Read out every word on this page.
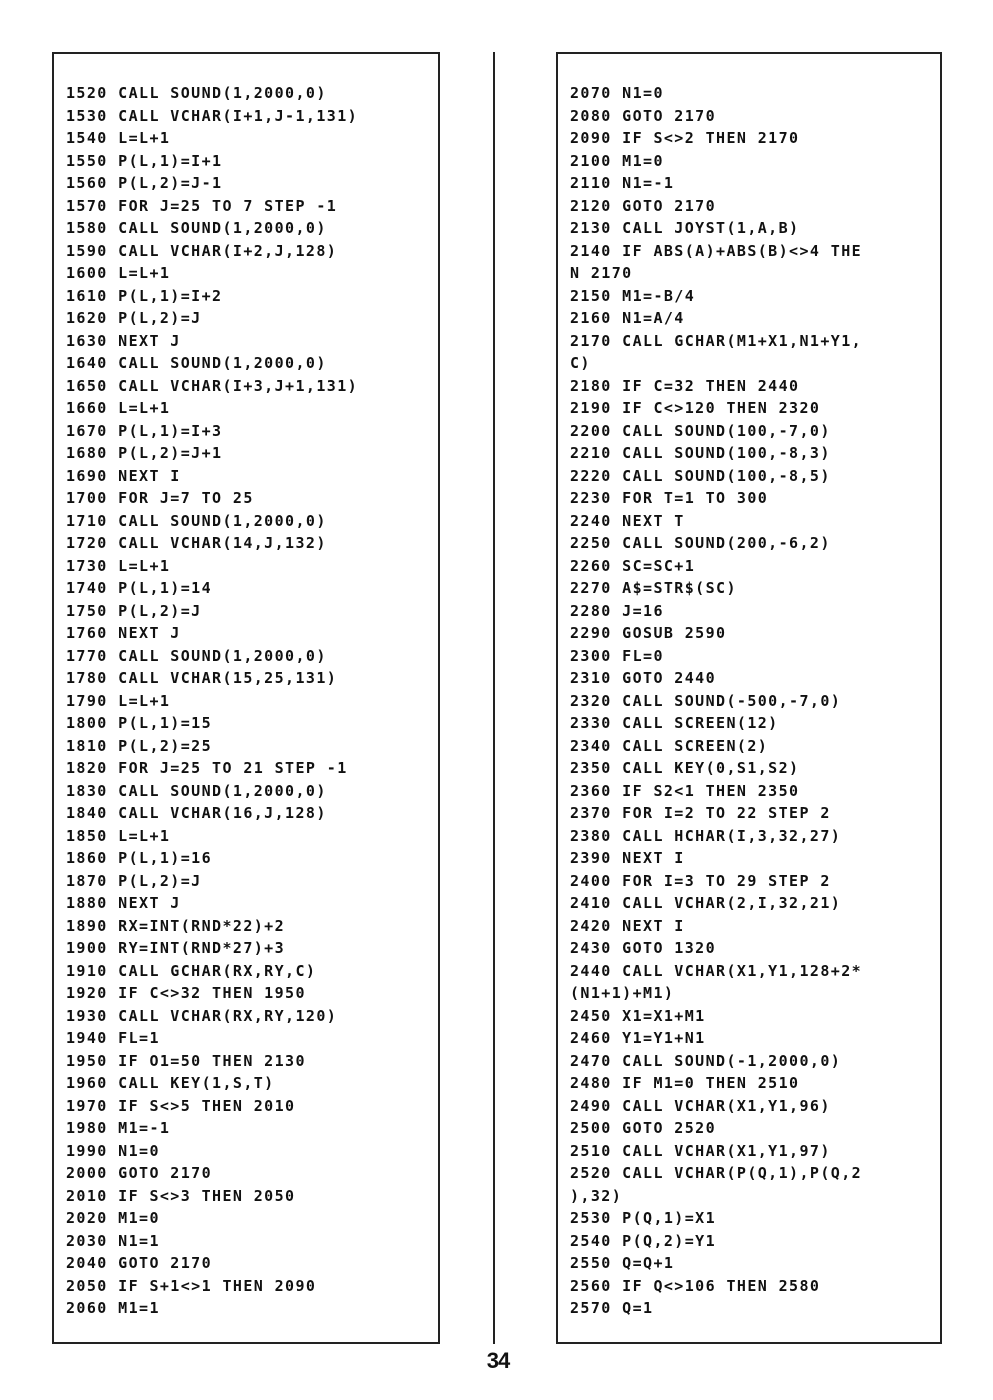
1520 CALL SOUND(1,2000,0)
1530 CALL VCHAR(I+1,J-1,131)
1540 L=L+1
1550 P(L,1)=I+1
1560 P(L,2)=J-1
1570 FOR J=25 TO 7 STEP -1
1580 CALL SOUND(1,2000,0)
1590 CALL VCHAR(I+2,J,128)
1600 L=L+1
1610 P(L,1)=I+2
1620 P(L,2)=J
1630 NEXT J
1640 CALL SOUND(1,2000,0)
1650 CALL VCHAR(I+3,J+1,131)
1660 L=L+1
1670 P(L,1)=I+3
1680 P(L,2)=J+1
1690 NEXT I
1700 FOR J=7 TO 25
1710 CALL SOUND(1,2000,0)
1720 CALL VCHAR(14,J,132)
1730 L=L+1
1740 P(L,1)=14
1750 P(L,2)=J
1760 NEXT J
1770 CALL SOUND(1,2000,0)
1780 CALL VCHAR(15,25,131)
1790 L=L+1
1800 P(L,1)=15
1810 P(L,2)=25
1820 FOR J=25 TO 21 STEP -1
1830 CALL SOUND(1,2000,0)
1840 CALL VCHAR(16,J,128)
1850 L=L+1
1860 P(L,1)=16
1870 P(L,2)=J
1880 NEXT J
1890 RX=INT(RND*22)+2
1900 RY=INT(RND*27)+3
1910 CALL GCHAR(RX,RY,C)
1920 IF C<>32 THEN 1950
1930 CALL VCHAR(RX,RY,120)
1940 FL=1
1950 IF O1=50 THEN 2130
1960 CALL KEY(1,S,T)
1970 IF S<>5 THEN 2010
1980 M1=-1
1990 N1=0
2000 GOTO 2170
2010 IF S<>3 THEN 2050
2020 M1=0
2030 N1=1
2040 GOTO 2170
2050 IF S+1<>1 THEN 2090
2060 M1=1
2070 N1=0
2080 GOTO 2170
2090 IF S<>2 THEN 2170
2100 M1=0
2110 N1=-1
2120 GOTO 2170
2130 CALL JOYST(1,A,B)
2140 IF ABS(A)+ABS(B)<>4 THE
N 2170
2150 M1=-B/4
2160 N1=A/4
2170 CALL GCHAR(M1+X1,N1+Y1,
C)
2180 IF C=32 THEN 2440
2190 IF C<>120 THEN 2320
2200 CALL SOUND(100,-7,0)
2210 CALL SOUND(100,-8,3)
2220 CALL SOUND(100,-8,5)
2230 FOR T=1 TO 300
2240 NEXT T
2250 CALL SOUND(200,-6,2)
2260 SC=SC+1
2270 A$=STR$(SC)
2280 J=16
2290 GOSUB 2590
2300 FL=0
2310 GOTO 2440
2320 CALL SOUND(-500,-7,0)
2330 CALL SCREEN(12)
2340 CALL SCREEN(2)
2350 CALL KEY(0,S1,S2)
2360 IF S2<1 THEN 2350
2370 FOR I=2 TO 22 STEP 2
2380 CALL HCHAR(I,3,32,27)
2390 NEXT I
2400 FOR I=3 TO 29 STEP 2
2410 CALL VCHAR(2,I,32,21)
2420 NEXT I
2430 GOTO 1320
2440 CALL VCHAR(X1,Y1,128+2*
(N1+1)+M1)
2450 X1=X1+M1
2460 Y1=Y1+N1
2470 CALL SOUND(-1,2000,0)
2480 IF M1=0 THEN 2510
2490 CALL VCHAR(X1,Y1,96)
2500 GOTO 2520
2510 CALL VCHAR(X1,Y1,97)
2520 CALL VCHAR(P(Q,1),P(Q,2
),32)
2530 P(Q,1)=X1
2540 P(Q,2)=Y1
2550 Q=Q+1
2560 IF Q<>106 THEN 2580
2570 Q=1
34
